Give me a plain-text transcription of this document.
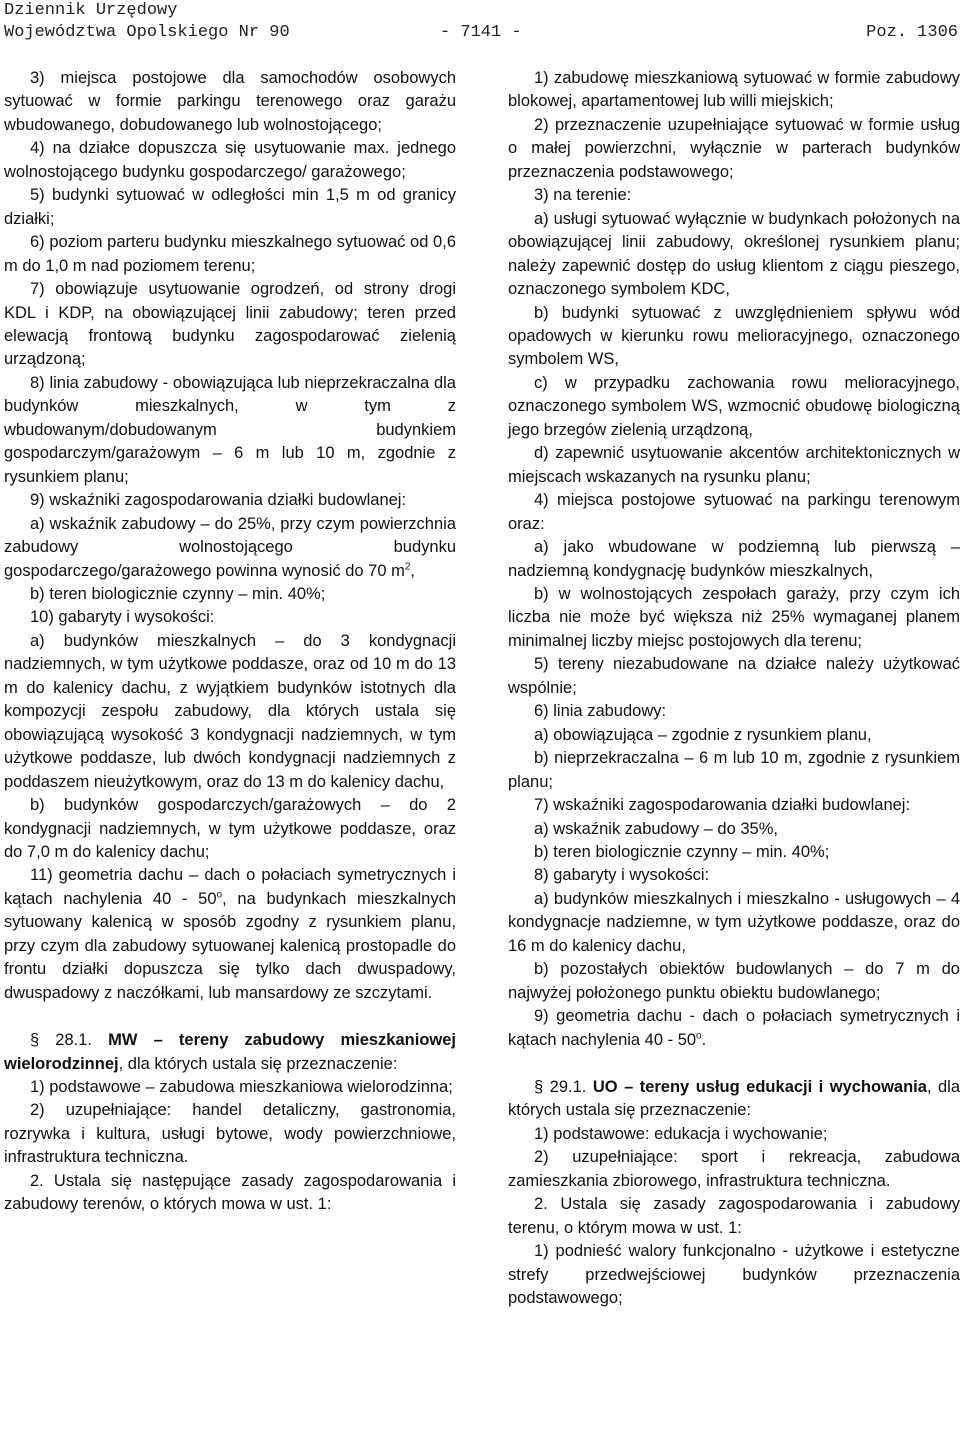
Dziennik Urzędowy
Województwa Opolskiego Nr 90	- 7141 -	Poz. 1306

3) miejsca postojowe dla samochodów osobowych sytuować w formie parkingu terenowego oraz garażu wbudowanego, dobudowanego lub wolnostojącego;

4) na działce dopuszcza się usytuowanie max. jednego wolnostojącego budynku gospodarczego/ garażowego;

5) budynki sytuować w odległości min 1,5 m od granicy działki;

6) poziom parteru budynku mieszkalnego sytuować od 0,6 m do 1,0 m nad poziomem terenu;

7) obowiązuje usytuowanie ogrodzeń, od strony drogi KDL i KDP, na obowiązującej linii zabudowy; teren przed elewacją frontową budynku zagospodarować zielenią urządzoną;

8) linia zabudowy - obowiązująca lub nieprzekraczalna dla budynków mieszkalnych, w tym z wbudowanym/dobudowanym budynkiem gospodarczym/garażowym – 6 m lub 10 m, zgodnie z rysunkiem planu;

9) wskaźniki zagospodarowania działki budowlanej:

a) wskaźnik zabudowy – do 25%, przy czym powierzchnia zabudowy wolnostojącego budynku gospodarczego/garażowego powinna wynosić do 70 $m^2$,

b) teren biologicznie czynny – min. 40%;

10) gabaryty i wysokości:

a) budynków mieszkalnych – do 3 kondygnacji nadziemnych, w tym użytkowe poddasze, oraz od 10 m do 13 m do kalenicy dachu, z wyjątkiem budynków istotnych dla kompozycji zespołu zabudowy, dla których ustala się obowiązującą wysokość 3 kondygnacji nadziemnych, w tym użytkowe poddasze, lub dwóch kondygnacji nadziemnych z poddaszem nieużytkowym, oraz do 13 m do kalenicy dachu,

b) budynków gospodarczych/garażowych – do 2 kondygnacji nadziemnych, w tym użytkowe poddasze, oraz do 7,0 m do kalenicy dachu;

11) geometria dachu – dach o połaciach symetrycznych i kątach nachylenia 40 - 50$^o$, na budynkach mieszkalnych sytuowany kalenicą w sposób zgodny z rysunkiem planu, przy czym dla zabudowy sytuowanej kalenicą prostopadle do frontu działki dopuszcza się tylko dach dwuspadowy, dwuspadowy z naczółkami, lub mansardowy ze szczytami.

§ 28.1. MW – tereny zabudowy mieszkaniowej wielorodzinnej, dla których ustala się przeznaczenie:

1) podstawowe – zabudowa mieszkaniowa wielorodzinna;

2) uzupełniające: handel detaliczny, gastronomia, rozrywka i kultura, usługi bytowe, wody powierzchniowe, infrastruktura techniczna.

2. Ustala się następujące zasady zagospodarowania i zabudowy terenów, o których mowa w ust. 1:

1) zabudowę mieszkaniową sytuować w formie zabudowy blokowej, apartamentowej lub willi miejskich;

2) przeznaczenie uzupełniające sytuować w formie usług o małej powierzchni, wyłącznie w parterach budynków przeznaczenia podstawowego;

3) na terenie:

a) usługi sytuować wyłącznie w budynkach położonych na obowiązującej linii zabudowy, określonej rysunkiem planu; należy zapewnić dostęp do usług klientom z ciągu pieszego, oznaczonego symbolem KDC,

b) budynki sytuować z uwzględnieniem spływu wód opadowych w kierunku rowu melioracyjnego, oznaczonego symbolem WS,

c) w przypadku zachowania rowu melioracyjnego, oznaczonego symbolem WS, wzmocnić obudowę biologiczną jego brzegów zielenią urządzoną,

d) zapewnić usytuowanie akcentów architektonicznych w miejscach wskazanych na rysunku planu;

4) miejsca postojowe sytuować na parkingu terenowym oraz:

a) jako wbudowane w podziemną lub pierwszą – nadziemną kondygnację budynków mieszkalnych,

b) w wolnostojących zespołach garaży, przy czym ich liczba nie może być większa niż 25% wymaganej planem minimalnej liczby miejsc postojowych dla terenu;

5) tereny niezabudowane na działce należy użytkować wspólnie;

6) linia zabudowy:

a) obowiązująca – zgodnie z rysunkiem planu,

b) nieprzekraczalna – 6 m lub 10 m, zgodnie z rysunkiem planu;

7) wskaźniki zagospodarowania działki budowlanej:

a) wskaźnik zabudowy – do 35%,

b) teren biologicznie czynny – min. 40%;

8) gabaryty i wysokości:

a) budynków mieszkalnych i mieszkalno - usługowych – 4 kondygnacje nadziemne, w tym użytkowe poddasze, oraz do 16 m do kalenicy dachu,

b) pozostałych obiektów budowlanych – do 7 m do najwyżej położonego punktu obiektu budowlanego;

9) geometria dachu - dach o połaciach symetrycznych i kątach nachylenia 40 - 50$^o$.

§ 29.1. UO – tereny usług edukacji i wychowania, dla których ustala się przeznaczenie:

1) podstawowe: edukacja i wychowanie;

2) uzupełniające: sport i rekreacja, zabudowa zamieszkania zbiorowego, infrastruktura techniczna.

2. Ustala się zasady zagospodarowania i zabudowy terenu, o którym mowa w ust. 1:

1) podnieść walory funkcjonalno - użytkowe i estetyczne strefy przedwejściowej budynków przeznaczenia podstawowego;
